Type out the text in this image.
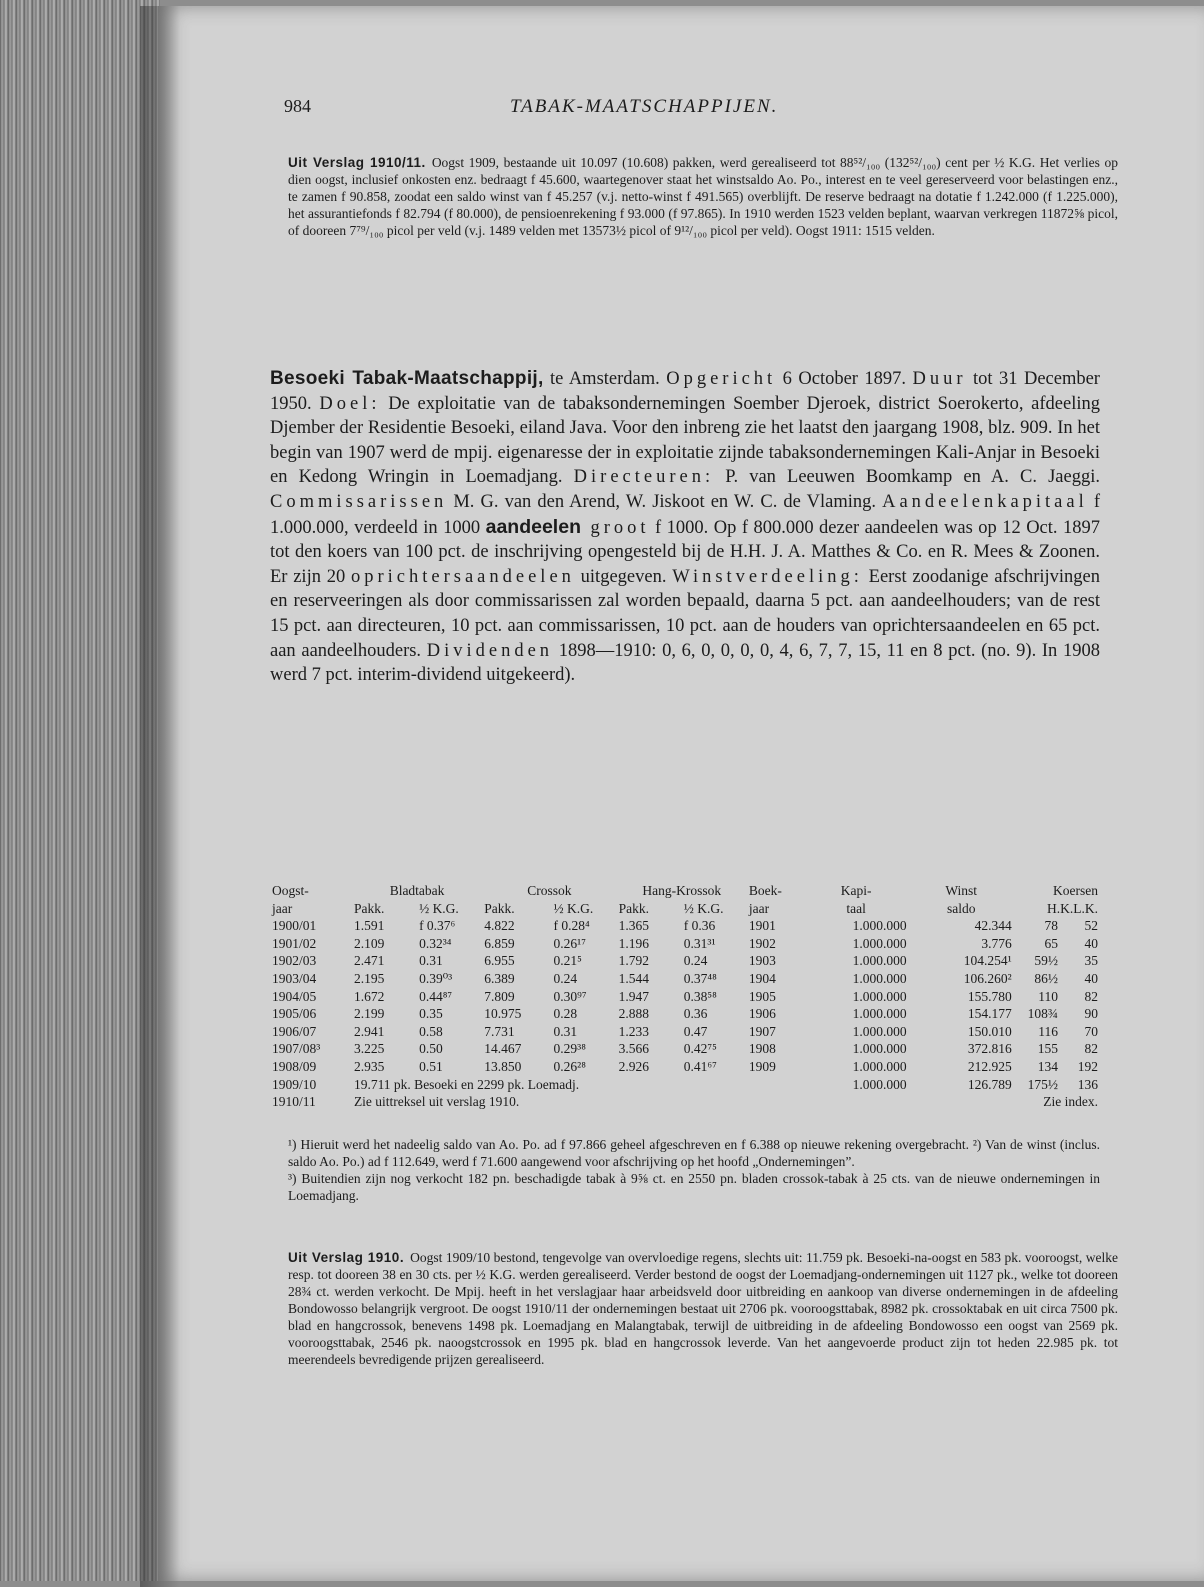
984	TABAK-MAATSCHAPPIJEN.

Uit Verslag 1910/11. Oogst 1909, bestaande uit 10.097 (10.608) pakken, werd gerealiseerd tot 88⁵²/₁₀₀ (132⁵²/₁₀₀) cent per ½ K.G. Het verlies op dien oogst, inclusief onkosten enz. bedraagt f 45.600, waartegenover staat het winstsaldo Ao. Po., interest en te veel gereserveerd voor belastingen enz., te zamen f 90.858, zoodat een saldo winst van f 45.257 (v.j. netto-winst f 491.565) overblijft. De reserve bedraagt na dotatie f 1.242.000 (f 1.225.000), het assurantiefonds f 82.794 (f 80.000), de pensioenrekening f 93.000 (f 97.865). In 1910 werden 1523 velden beplant, waarvan verkregen 11872⅝ picol, of dooreen 7⁷⁹/₁₀₀ picol per veld (v.j. 1489 velden met 13573½ picol of 9¹²/₁₀₀ picol per veld). Oogst 1911: 1515 velden.

Besoeki Tabak-Maatschappij, te Amsterdam. Opgericht 6 October 1897. Duur tot 31 December 1950. Doel: De exploitatie van de tabaksondernemingen Soember Djeroek, district Soerokerto, afdeeling Djember der Residentie Besoeki, eiland Java. Voor den inbreng zie het laatst den jaargang 1908, blz. 909. In het begin van 1907 werd de mpij. eigenaresse der in exploitatie zijnde tabaksondernemingen Kali-Anjar in Besoeki en Kedong Wringin in Loemadjang. Directeuren: P. van Leeuwen Boomkamp en A. C. Jaeggi. Commissarissen M. G. van den Arend, W. Jiskoot en W. C. de Vlaming. Aandeelenkapitaal f 1.000.000, verdeeld in 1000 aandeelen groot f 1000. Op f 800.000 dezer aandeelen was op 12 Oct. 1897 tot den koers van 100 pct. de inschrijving opengesteld bij de H.H. J. A. Matthes & Co. en R. Mees & Zoonen. Er zijn 20 oprichtersaandeelen uitgegeven. Winstverdeeling: Eerst zoodanige afschrijvingen en reserveeringen als door commissarissen zal worden bepaald, daarna 5 pct. aan aandeelhouders; van de rest 15 pct. aan directeuren, 10 pct. aan commissarissen, 10 pct. aan de houders van oprichtersaandeelen en 65 pct. aan aandeelhouders. Dividenden 1898—1910: 0, 6, 0, 0, 0, 0, 4, 6, 7, 7, 15, 11 en 8 pct. (no. 9). In 1908 werd 7 pct. interim-dividend uitgekeerd).

Oogst-	Bladtabak		Crossok		Hang-Krossok		Boek-	Kapi-	Winst	Koersen	
jaar	Pakk.	½ K.G.	Pakk.	½ K.G.	Pakk.	½ K.G.	jaar	taal	saldo	H.K.L.K.	
1900/01	1.591	f 0.37⁶	4.822	f 0.28⁴	1.365	f 0.36	1901	1.000.000	42.344	78	52
1901/02	2.109	0.32³⁴	6.859	0.26¹⁷	1.196	0.31³¹	1902	1.000.000	3.776	65	40
1902/03	2.471	0.31	6.955	0.21⁵	1.792	0.24	1903	1.000.000	104.254¹	59½	35
1903/04	2.195	0.39⁰³	6.389	0.24	1.544	0.37⁴⁸	1904	1.000.000	106.260²	86½	40
1904/05	1.672	0.44⁸⁷	7.809	0.30⁹⁷	1.947	0.38⁵⁸	1905	1.000.000	155.780	110	82
1905/06	2.199	0.35	10.975	0.28	2.888	0.36	1906	1.000.000	154.177	108¾	90
1906/07	2.941	0.58	7.731	0.31	1.233	0.47	1907	1.000.000	150.010	116	70
1907/08³	3.225	0.50	14.467	0.29³⁸	3.566	0.42⁷⁵	1908	1.000.000	372.816	155	82
1908/09	2.935	0.51	13.850	0.26²⁸	2.926	0.41⁶⁷	1909	1.000.000	212.925	134	192
1909/10	19.711 pk. Besoeki en 2299 pk. Loemadj.							1.000.000	126.789	175½	136
1910/11	Zie uittreksel uit verslag 1910.							Zie index.			

¹) Hieruit werd het nadeelig saldo van Ao. Po. ad f 97.866 geheel afgeschreven en f 6.388 op nieuwe rekening overgebracht. ²) Van de winst (inclus. saldo Ao. Po.) ad f 112.649, werd f 71.600 aangewend voor afschrijving op het hoofd „Ondernemingen”.

³) Buitendien zijn nog verkocht 182 pn. beschadigde tabak à 9⅝ ct. en 2550 pn. bladen crossok-tabak à 25 cts. van de nieuwe ondernemingen in Loemadjang.

Uit Verslag 1910. Oogst 1909/10 bestond, tengevolge van overvloedige regens, slechts uit: 11.759 pk. Besoeki-na-oogst en 583 pk. vooroogst, welke resp. tot dooreen 38 en 30 cts. per ½ K.G. werden gerealiseerd. Verder bestond de oogst der Loemadjang-ondernemingen uit 1127 pk., welke tot dooreen 28¾ ct. werden verkocht. De Mpij. heeft in het verslagjaar haar arbeidsveld door uitbreiding en aankoop van diverse ondernemingen in de afdeeling Bondowosso belangrijk vergroot. De oogst 1910/11 der ondernemingen bestaat uit 2706 pk. vooroogsttabak, 8982 pk. crossoktabak en uit circa 7500 pk. blad en hangcrossok, benevens 1498 pk. Loemadjang en Malangtabak, terwijl de uitbreiding in de afdeeling Bondowosso een oogst van 2569 pk. vooroogsttabak, 2546 pk. naoogstcrossok en 1995 pk. blad en hangcrossok leverde. Van het aangevoerde product zijn tot heden 22.985 pk. tot meerendeels bevredigende prijzen gerealiseerd.
